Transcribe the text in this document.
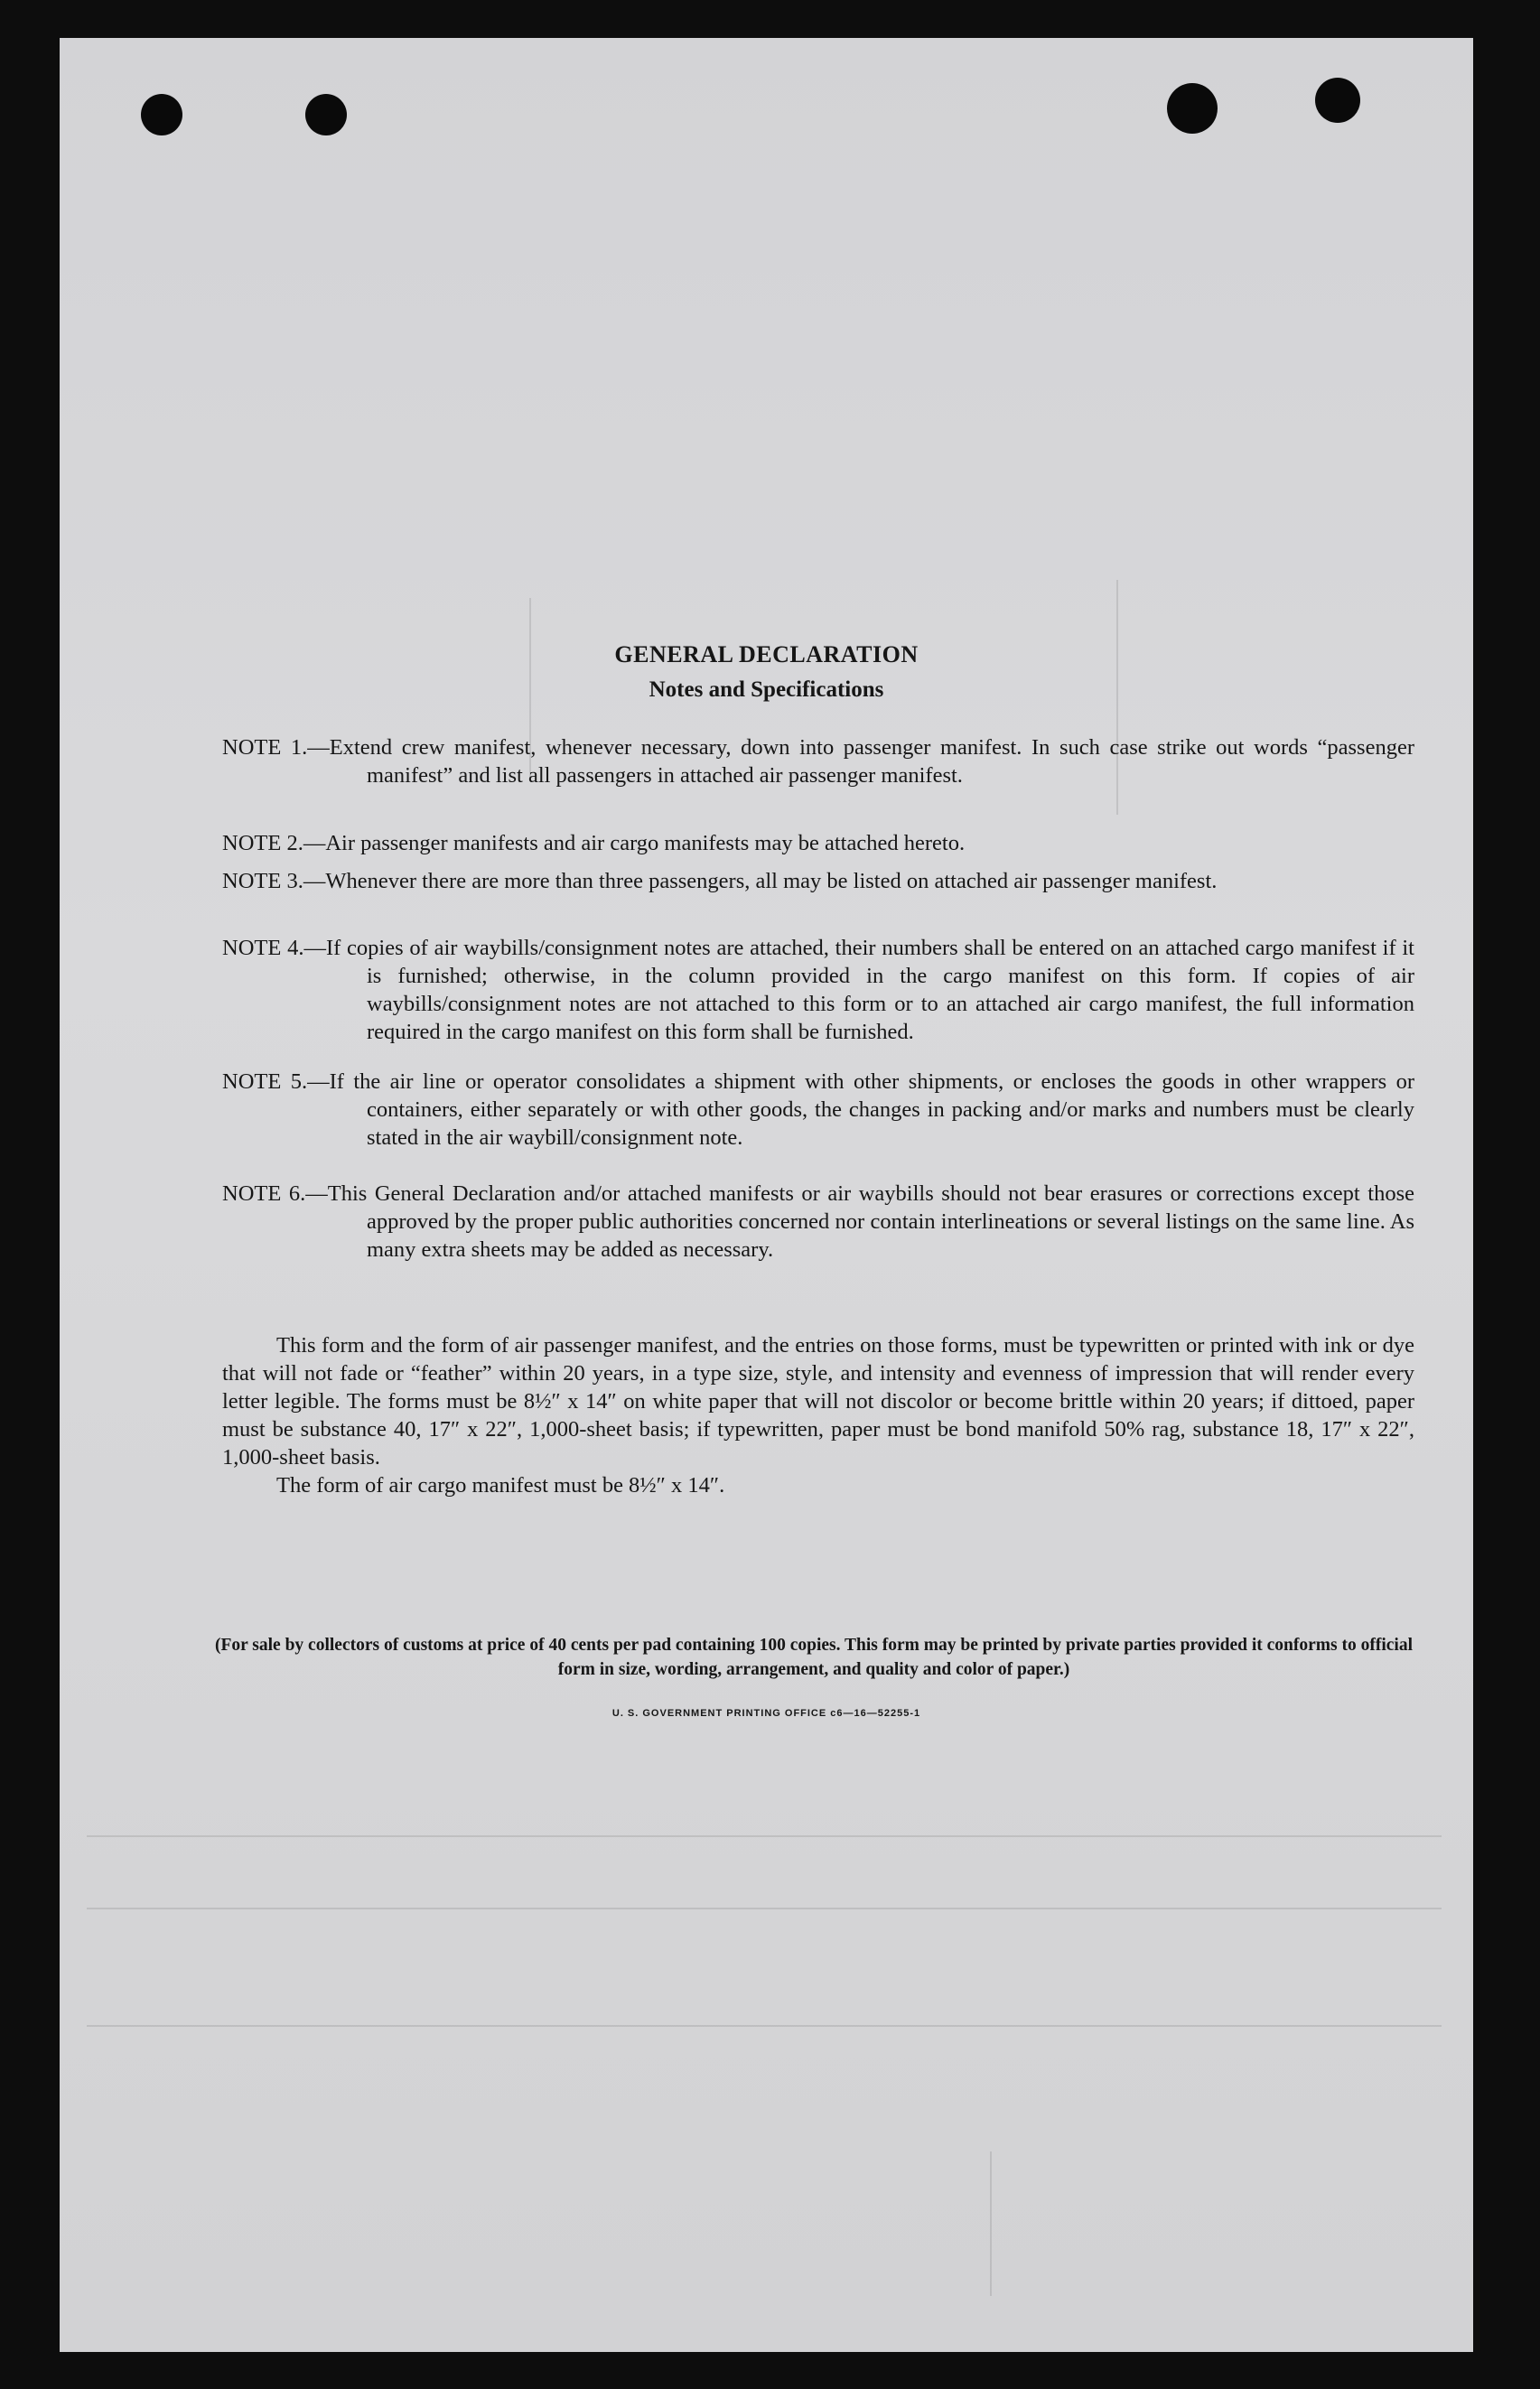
GENERAL DECLARATION
Notes and Specifications
NOTE 1.—Extend crew manifest, whenever necessary, down into passenger manifest. In such case strike out words “passenger manifest” and list all passengers in attached air passenger manifest.
NOTE 2.—Air passenger manifests and air cargo manifests may be attached hereto.
NOTE 3.—Whenever there are more than three passengers, all may be listed on attached air passenger manifest.
NOTE 4.—If copies of air waybills/consignment notes are attached, their numbers shall be entered on an attached cargo manifest if it is furnished; otherwise, in the column provided in the cargo manifest on this form. If copies of air waybills/consignment notes are not attached to this form or to an attached air cargo manifest, the full information required in the cargo manifest on this form shall be furnished.
NOTE 5.—If the air line or operator consolidates a shipment with other shipments, or encloses the goods in other wrappers or containers, either separately or with other goods, the changes in packing and/or marks and numbers must be clearly stated in the air waybill/consignment note.
NOTE 6.—This General Declaration and/or attached manifests or air waybills should not bear erasures or corrections except those approved by the proper public authorities concerned nor contain interlineations or several listings on the same line. As many extra sheets may be added as necessary.
This form and the form of air passenger manifest, and the entries on those forms, must be typewritten or printed with ink or dye that will not fade or “feather” within 20 years, in a type size, style, and intensity and evenness of impression that will render every letter legible. The forms must be 8½″ x 14″ on white paper that will not discolor or become brittle within 20 years; if dittoed, paper must be substance 40, 17″ x 22″, 1,000-sheet basis; if typewritten, paper must be bond manifold 50% rag, substance 18, 17″ x 22″, 1,000-sheet basis.
The form of air cargo manifest must be 8½″ x 14″.
(For sale by collectors of customs at price of 40 cents per pad containing 100 copies. This form may be printed by private parties provided it conforms to official form in size, wording, arrangement, and quality and color of paper.)
U. S. GOVERNMENT PRINTING OFFICE c6—16—52255-1
